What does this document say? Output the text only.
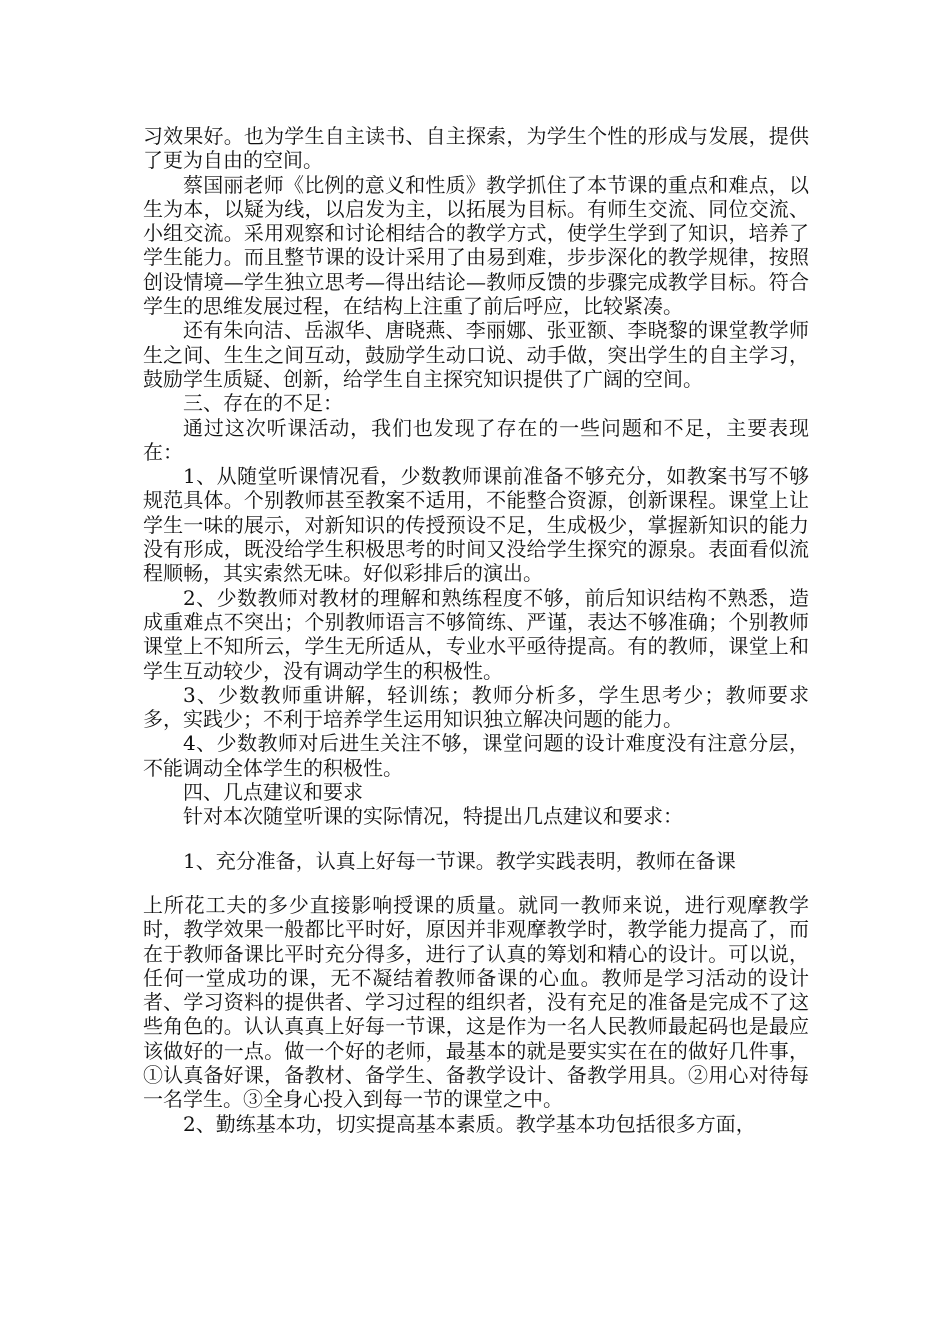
习效果好。也为学生自主读书、自主探索，为学生个性的形成与发展，提供了更为自由的空间。

蔡国丽老师《比例的意义和性质》教学抓住了本节课的重点和难点，以生为本，以疑为线，以启发为主，以拓展为目标。有师生交流、同位交流、小组交流。采用观察和讨论相结合的教学方式，使学生学到了知识，培养了学生能力。而且整节课的设计采用了由易到难，步步深化的教学规律，按照创设情境—学生独立思考—得出结论—教师反馈的步骤完成教学目标。符合学生的思维发展过程，在结构上注重了前后呼应，比较紧凑。

还有朱向洁、岳淑华、唐晓燕、李丽娜、张亚额、李晓黎的课堂教学师生之间、生生之间互动，鼓励学生动口说、动手做，突出学生的自主学习，鼓励学生质疑、创新，给学生自主探究知识提供了广阔的空间。

三、存在的不足：

通过这次听课活动，我们也发现了存在的一些问题和不足，主要表现在：

1、从随堂听课情况看，少数教师课前准备不够充分，如教案书写不够规范具体。个别教师甚至教案不适用，不能整合资源，创新课程。课堂上让学生一味的展示，对新知识的传授预设不足，生成极少，掌握新知识的能力没有形成，既没给学生积极思考的时间又没给学生探究的源泉。表面看似流程顺畅，其实索然无味。好似彩排后的演出。

2、少数教师对教材的理解和熟练程度不够，前后知识结构不熟悉，造成重难点不突出；个别教师语言不够简练、严谨，表达不够准确；个别教师课堂上不知所云，学生无所适从，专业水平亟待提高。有的教师，课堂上和学生互动较少，没有调动学生的积极性。

3、少数教师重讲解，轻训练；教师分析多，学生思考少；教师要求多，实践少；不利于培养学生运用知识独立解决问题的能力。

4、少数教师对后进生关注不够，课堂问题的设计难度没有注意分层，不能调动全体学生的积极性。

四、几点建议和要求

针对本次随堂听课的实际情况，特提出几点建议和要求：

1、充分准备，认真上好每一节课。教学实践表明，教师在备课

上所花工夫的多少直接影响授课的质量。就同一教师来说，进行观摩教学时，教学效果一般都比平时好，原因并非观摩教学时，教学能力提高了，而在于教师备课比平时充分得多，进行了认真的筹划和精心的设计。可以说，任何一堂成功的课，无不凝结着教师备课的心血。教师是学习活动的设计者、学习资料的提供者、学习过程的组织者，没有充足的准备是完成不了这些角色的。认认真真上好每一节课，这是作为一名人民教师最起码也是最应该做好的一点。做一个好的老师，最基本的就是要实实在在的做好几件事，①认真备好课，备教材、备学生、备教学设计、备教学用具。②用心对待每一名学生。③全身心投入到每一节的课堂之中。

2、勤练基本功，切实提高基本素质。教学基本功包括很多方面，
